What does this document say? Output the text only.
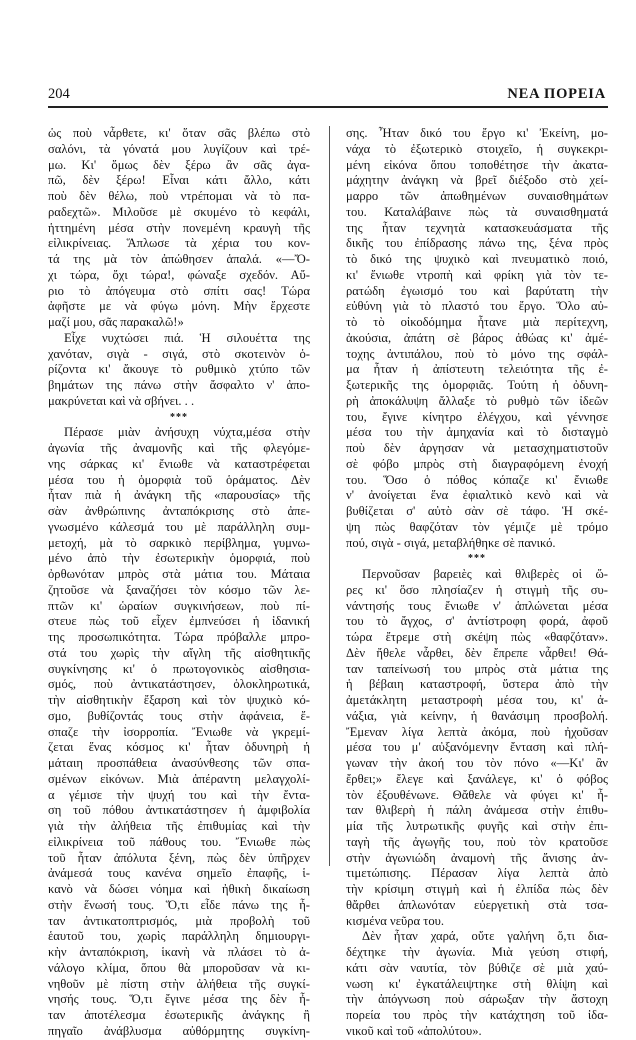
204	ΝΕΑ ΠΟΡΕΙΑ
ὡς ποὺ νἆρθετε, κι' ὅταν σᾶς βλέπω στὸ
σαλόνι, τὰ γόνατά μου λυγίζουν καὶ τρέ-
μω. Κι' ὅμως δὲν ξέρω ἂν σᾶς ἀγα-
πῶ, δὲν ξέρω! Εἶναι κάτι ἄλλο, κάτι
ποὺ δὲν θέλω, ποὺ ντρέπομαι νὰ τὸ πα-
ραδεχτῶ». Μιλοῦσε μὲ σκυμένο τὸ κεφάλι,
ἡττημένη μέσα στὴν πονεμένη κραυγὴ τῆς
εἰλικρίνειας. Ἅπλωσε τὰ χέρια του κον-
τά της μὰ τὸν ἀπώθησεν ἁπαλά. «—Ὄ-
χι τώρα, ὄχι τώρα!, φώναξε σχεδόν. Αὔ-
ριο τὸ ἀπόγευμα στὸ σπίτι σας! Τώρα
ἀφῆστε με νὰ φύγω μόνη. Μὴν ἔρχεστε
μαζί μου, σᾶς παρακαλῶ!»
Εἶχε νυχτώσει πιά. Ἡ σιλουέττα της
χανόταν, σιγὰ - σιγά, στὸ σκοτεινὸν ὁ-
ρίζοντα κι' ἄκουγε τὸ ρυθμικὸ χτύπο τῶν
βημάτων της πάνω στὴν ἄσφαλτο ν' ἀπο-
μακρύνεται καὶ νὰ σβήνει. . .
***
Πέρασε μιὰν ἀνήσυχη νύχτα,μέσα στὴν
ἀγωνία τῆς ἀναμονῆς καὶ τῆς φλεγόμε-
νης σάρκας κι' ἔνιωθε νὰ καταστρέφεται
μέσα του ἡ ὁμορφιὰ τοῦ ὁράματος. Δὲν
ἦταν πιὰ ἡ ἀνάγκη τῆς «παρουσίας» τῆς
σὰν ἀνθρώπινης ἀνταπόκρισης στὸ ἀπε-
γνωσμένο κάλεσμά του μὲ παράλληλη συμ-
μετοχή, μὰ τὸ σαρκικὸ περίβλημα, γυμνω-
μένο ἀπὸ τὴν ἐσωτερικὴν ὁμορφιά, ποὺ
ὀρθωνόταν μπρὸς στὰ μάτια του. Μάταια
ζητοῦσε νὰ ξαναζήσει τὸν κόσμο τῶν λε-
πτῶν κι' ὡραίων συγκινήσεων, ποὺ πί-
στευε πὼς τοῦ εἶχεν ἐμπνεύσει ἡ ἰδανική
της προσωπικότητα. Τώρα πρόβαλλε μπρο-
στά του χωρὶς τὴν αἴγλη τῆς αἰσθητικῆς
συγκίνησης κι' ὁ πρωτογονικὸς αἰσθησια-
σμός, ποὺ ἀντικατάστησεν, ὁλοκληρωτικά,
τὴν αἰσθητικὴν ἔξαρση καὶ τὸν ψυχικὸ κό-
σμο, βυθίζοντάς τους στὴν ἀφάνεια, ἔ-
σπαζε τὴν ἰσορροπία. Ἔνιωθε νὰ γκρεμί-
ζεται ἕνας κόσμος κι' ἦταν ὀδυνηρὴ ἡ
μάταιη προσπάθεια ἀνασύνθεσης τῶν σπα-
σμένων εἰκόνων. Μιὰ ἀπέραντη μελαγχολί-
α γέμισε τὴν ψυχή του καὶ τὴν ἔντα-
ση τοῦ πόθου ἀντικατάστησεν ἡ ἀμφιβολία
γιὰ τὴν ἀλήθεια τῆς ἐπιθυμίας καὶ τὴν
εἰλικρίνεια τοῦ πάθους του. Ἔνιωθε πὼς
τοῦ ἦταν ἀπόλυτα ξένη, πὼς δὲν ὑπῆρχεν
ἀνάμεσά τους κανένα σημεῖο ἐπαφῆς, ἱ-
κανὸ νὰ δώσει νόημα καὶ ἠθικὴ δικαίωση
στὴν ἕνωσή τους. Ὅ,τι εἶδε πάνω της ἦ-
ταν ἀντικατοπτρισμός, μιὰ προβολὴ τοῦ
ἑαυτοῦ του, χωρὶς παράλληλη δημιουργι-
κὴν ἀνταπόκριση, ἱκανὴ νὰ πλάσει τὸ ἀ-
νάλογο κλίμα, ὅπου θὰ μποροῦσαν νὰ κι-
νηθοῦν μὲ πίστη στὴν ἀλήθεια τῆς συγκί-
νησής τους. Ὅ,τι ἔγινε μέσα της δὲν ἦ-
ταν ἀποτέλεσμα ἐσωτερικῆς ἀνάγκης ἢ
πηγαῖο ἀνάβλυσμα αὐθόρμητης συγκίνη-
σης. Ἦταν δικό του ἔργο κι' Ἐκείνη, μο-
νάχα τὸ ἐξωτερικὸ στοιχεῖο, ἡ συγκεκρι-
μένη εἰκόνα ὅπου τοποθέτησε τὴν ἀκατα-
μάχητην ἀνάγκη νὰ βρεῖ διέξοδο στὸ χεί-
μαρρο τῶν ἀπωθημένων συναισθημάτων
του. Καταλάβαινε πὼς τὰ συναισθηματά
της ἦταν τεχνητὰ κατασκευάσματα τῆς
δικῆς του ἐπίδρασης πάνω της, ξένα πρὸς
τὸ δικό της ψυχικὸ καὶ πνευματικὸ ποιό,
κι' ἔνιωθε ντροπὴ καὶ φρίκη γιὰ τὸν τε-
ρατώδη ἐγωισμό του καὶ βαρύτατη τὴν
εὐθύνη γιὰ τὸ πλαστό του ἔργο. Ὅλο αὐ-
τὸ τὸ οἰκοδόμημα ἦτανε μιὰ περίτεχνη,
ἀκούσια, ἀπάτη σὲ βάρος ἀθώας κι' ἀμέ-
τοχης ἀντιπάλου, ποὺ τὸ μόνο της σφάλ-
μα ἦταν ἡ ἀπίστευτη τελειότητα τῆς ἐ-
ξωτερικῆς της ὁμορφιᾶς. Τούτη ἡ ὀδυνη-
ρὴ ἀποκάλυψη ἄλλαξε τὸ ρυθμὸ τῶν ἰδεῶν
του, ἔγινε κίνητρο ἐλέγχου, καὶ γέννησε
μέσα του τὴν ἀμηχανία καὶ τὸ δισταγμὸ
ποὺ δὲν ἀργησαν νὰ μετασχηματιστοῦν
σὲ φόβο μπρὸς στὴ διαγραφόμενη ἐνοχή
του. Ὅσο ὁ πόθος κόπαζε κι' ἔνιωθε
ν' ἀνοίγεται ἕνα ἐφιαλτικὸ κενὸ καὶ νὰ
βυθίζεται σ' αὐτὸ σὰν σὲ τάφο. Ἡ σκέ-
ψη πὼς θαφζόταν τὸν γέμιζε μὲ τρόμο
πού, σιγὰ - σιγά, μεταβλήθηκε σὲ πανικό.
***
Περνοῦσαν βαρειὲς καὶ θλιβερὲς οἱ ὥ-
ρες κι' ὅσο πλησίαζεν ἡ στιγμὴ τῆς συ-
νάντησής τους ἔνιωθε ν' ἁπλώνεται μέσα
του τὸ ἄγχος, σ' ἀντίστροφη φορά, ἀφοῦ
τώρα ἔτρεμε στὴ σκέψη πὼς «θαφζόταν».
Δὲν ἤθελε νἆρθει, δὲν ἔπρεπε νἆρθει! Θά-
ταν ταπείνωσή του μπρὸς στὰ μάτια της
ἡ βέβαιη καταστροφή, ὕστερα ἀπὸ τὴν
ἀμετάκλητη μεταστροφὴ μέσα του, κι' ἀ-
νάξια, γιὰ κείνην, ἡ θανάσιμη προσβολή.
Ἔμεναν λίγα λεπτὰ ἀκόμα, ποὺ ἠχοῦσαν
μέσα του μ' αὐξανόμενην ἔνταση καὶ πλή-
γωναν τὴν ἀκοή του τὸν πόνο «—Κι' ἂν
ἔρθει;» ἔλεγε καὶ ξανάλεγε, κι' ὁ φόβος
τὸν ἐξουθένωνε. Θἄθελε νὰ φύγει κι' ἦ-
ταν θλιβερὴ ἡ πάλη ἀνάμεσα στὴν ἐπιθυ-
μία τῆς λυτρωτικῆς φυγῆς καὶ στὴν ἐπι-
ταγὴ τῆς ἀγωγῆς του, ποὺ τὸν κρατοῦσε
στὴν ἀγωνιώδη ἀναμονὴ τῆς ἄνισης ἀν-
τιμετώπισης. Πέρασαν λίγα λεπτὰ ἀπὸ
τὴν κρίσιμη στιγμὴ καὶ ἡ ἐλπίδα πὼς δὲν
θἄρθει ἁπλωνόταν εὐεργετικὴ στὰ τσα-
κισμένα νεῦρα του.
Δὲν ἦταν χαρά, οὔτε γαλήνη ὅ,τι δια-
δέχτηκε τὴν ἀγωνία. Μιὰ γεύση στιφή,
κάτι σὰν ναυτία, τὸν βύθιζε σὲ μιὰ χαύ-
νωση κι' ἐγκατάλειψτηκε στὴ θλίψη καὶ
τὴν ἀπόγνωση ποὺ σάρωξαν τὴν ἄστοχη
πορεία του πρὸς τὴν κατάχτηση τοῦ ἰδα-
νικοῦ καὶ τοῦ «ἀπολύτου».
